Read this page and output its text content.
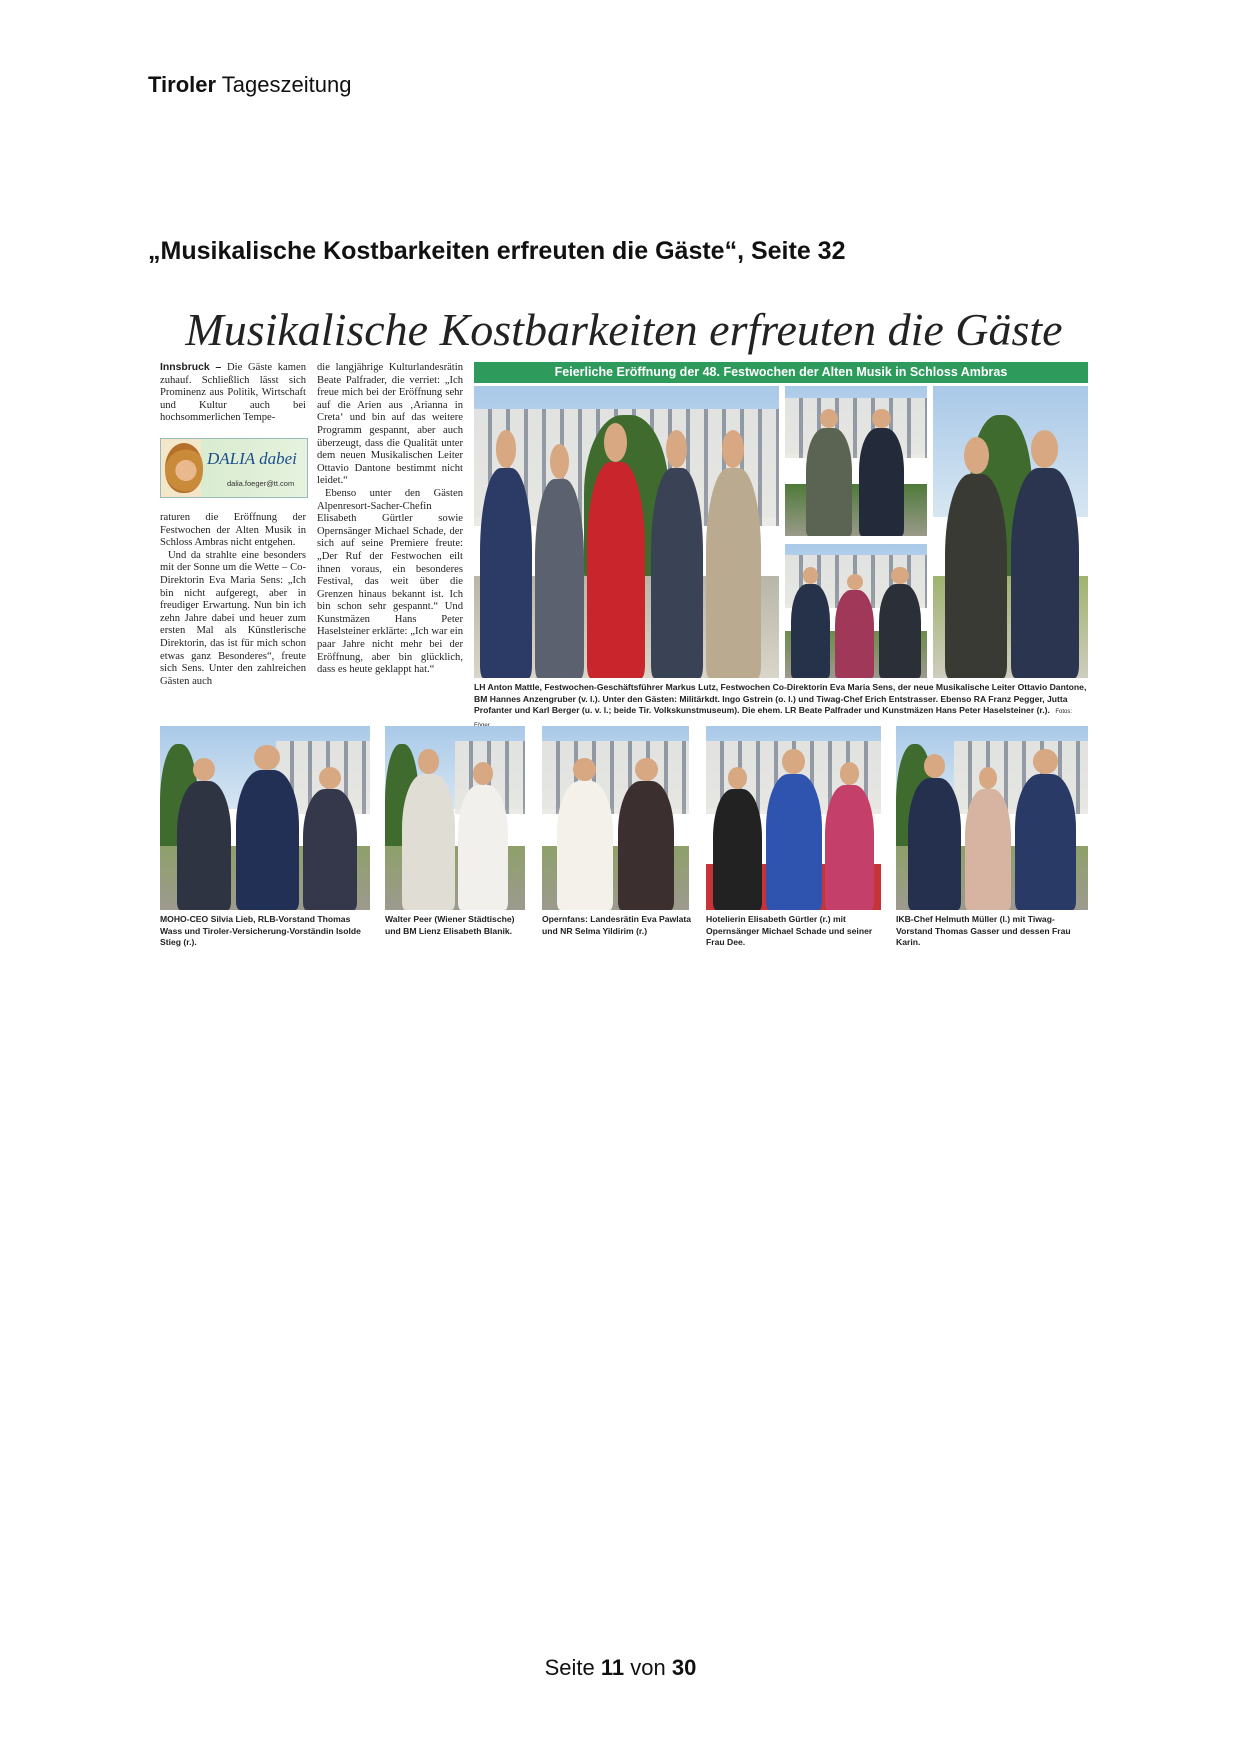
Tiroler Tageszeitung
„Musikalische Kostbarkeiten erfreuten die Gäste“, Seite 32
Musikalische Kostbarkeiten erfreuten die Gäste

Innsbruck – Die Gäste kamen zuhauf. Schließlich lässt sich Prominenz aus Politik, Wirtschaft und Kultur auch bei hochsommerlichen Tempe-

DALIA dabei
dalia.foeger@tt.com

raturen die Eröffnung der Festwochen der Alten Musik in Schloss Ambras nicht entgehen.

Und da strahlte eine besonders mit der Sonne um die Wette – Co-Direktorin Eva Maria Sens: „Ich bin nicht aufgeregt, aber in freudiger Erwartung. Nun bin ich zehn Jahre dabei und heuer zum ersten Mal als Künstlerische Direktorin, das ist für mich schon etwas ganz Besonderes“, freute sich Sens. Unter den zahlreichen Gästen auch

die langjährige Kulturlandesrätin Beate Palfrader, die verriet: „Ich freue mich bei der Eröffnung sehr auf die Arien aus ‚Arianna in Creta‘ und bin auf das weitere Programm gespannt, aber auch überzeugt, dass die Qualität unter dem neuen Musikalischen Leiter Ottavio Dantone bestimmt nicht leidet.“

Ebenso unter den Gästen Alpenresort-Sacher-Chefin Elisabeth Gürtler sowie Opernsänger Michael Schade, der sich auf seine Premiere freute: „Der Ruf der Festwochen eilt ihnen voraus, ein besonderes Festival, das weit über die Grenzen hinaus bekannt ist. Ich bin schon sehr gespannt.“ Und Kunstmäzen Hans Peter Haselsteiner erklärte: „Ich war ein paar Jahre nicht mehr bei der Eröffnung, aber bin glücklich, dass es heute geklappt hat.“

Feierliche Eröffnung der 48. Festwochen der Alten Musik in Schloss Ambras
LH Anton Mattle, Festwochen-Geschäftsführer Markus Lutz, Festwochen Co-Direktorin Eva Maria Sens, der neue Musikalische Leiter Ottavio Dantone, BM Hannes Anzengruber (v. l.). Unter den Gästen: Militärkdt. Ingo Gstrein (o. l.) und Tiwag-Chef Erich Entstrasser. Ebenso RA Franz Pegger, Jutta Profanter und Karl Berger (u. v. l.; beide Tir. Volkskunstmuseum). Die ehem. LR Beate Palfrader und Kunstmäzen Hans Peter Haselsteiner (r.). Fotos:
MOHO-CEO Silvia Lieb, RLB-Vorstand Thomas Wass und Tiroler-Versicherung-Vorständin Isolde Stieg (r.).
Walter Peer (Wiener Städtische) und BM Lienz Elisabeth Blanik.
Opernfans: Landesrätin Eva Pawlata und NR Selma Yildirim (r.)
Hotelierin Elisabeth Gürtler (r.) mit Opernsänger Michael Schade und seiner Frau Dee.
IKB-Chef Helmuth Müller (l.) mit Tiwag-Vorstand Thomas Gasser und dessen Frau Karin.
Seite 11 von 30
